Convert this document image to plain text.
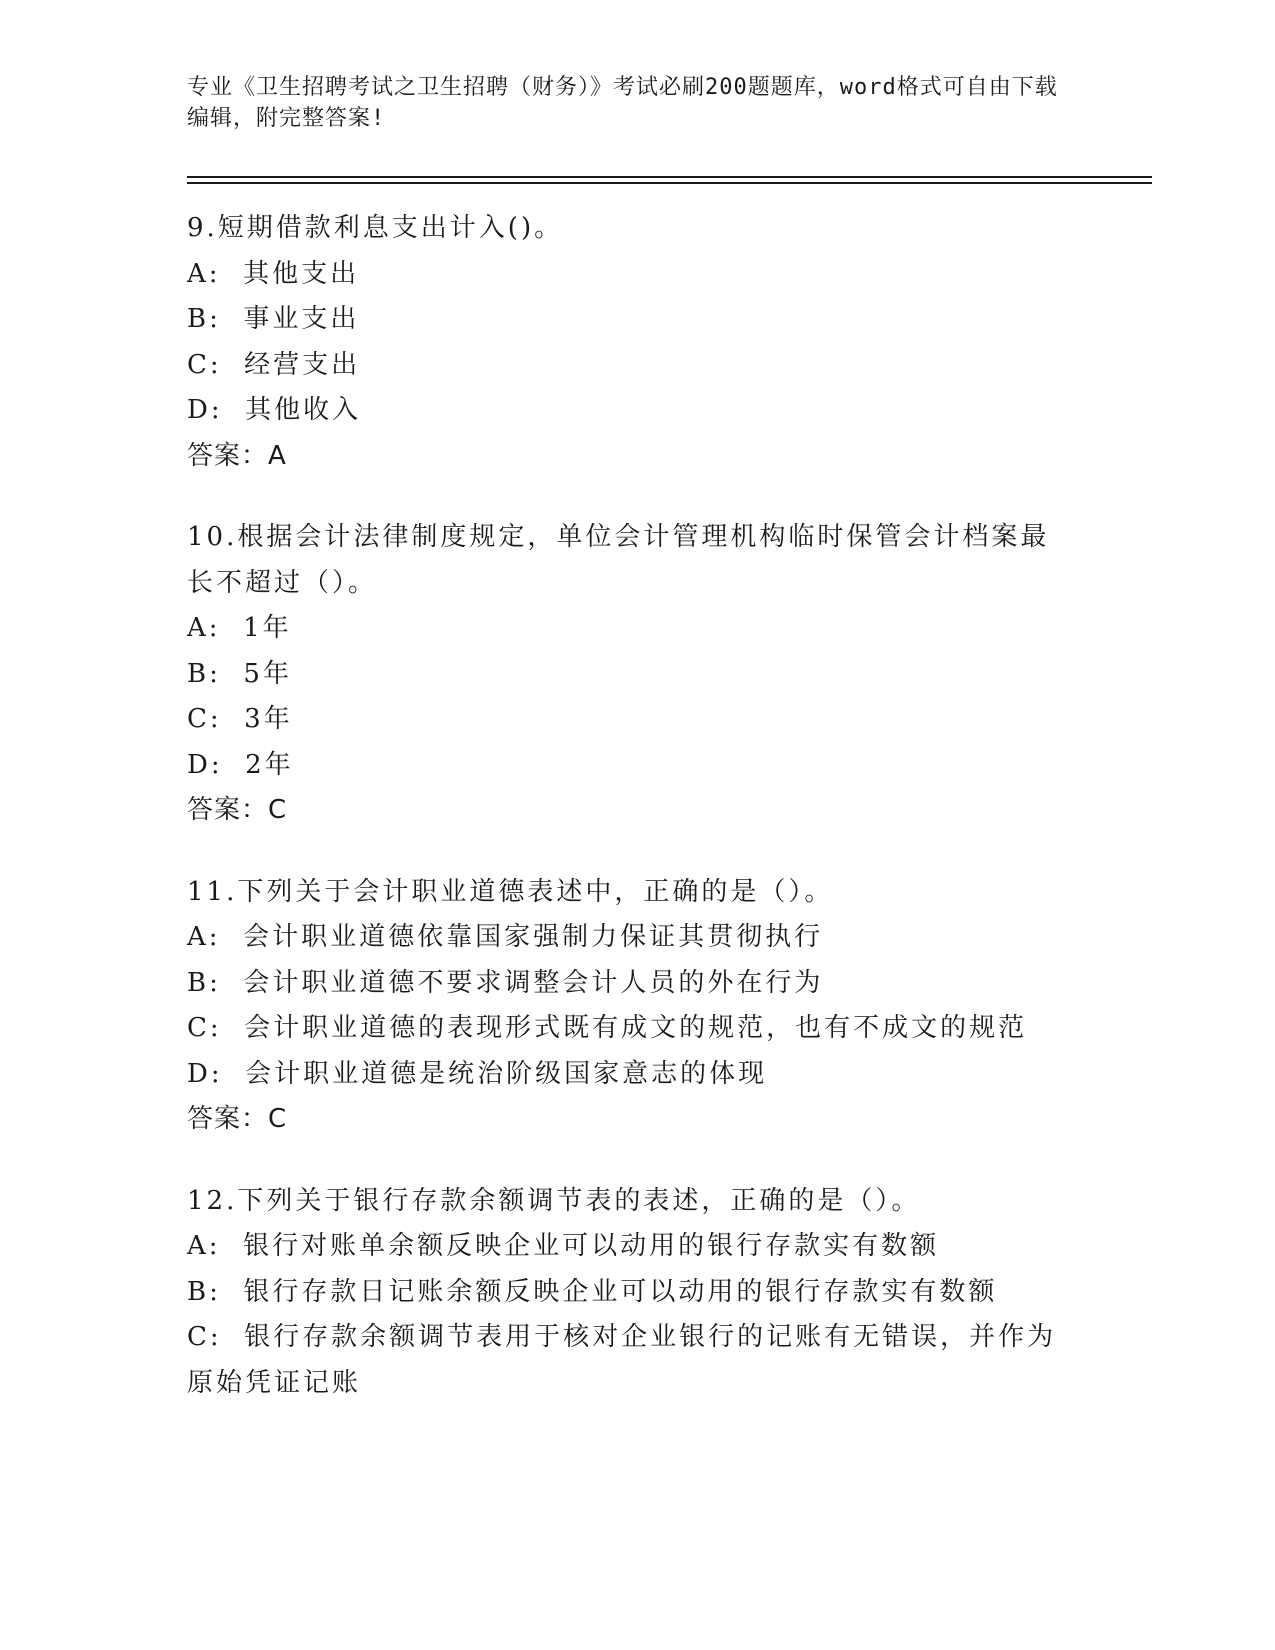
专业《卫生招聘考试之卫生招聘（财务）》考试必刷200题题库，word格式可自由下载编辑，附完整答案!
9.短期借款利息支出计入()。
A:  其他支出
B:  事业支出
C:  经营支出
D:  其他收入
答案：A
10.根据会计法律制度规定，单位会计管理机构临时保管会计档案最长不超过（）。
A:  1年
B:  5年
C:  3年
D:  2年
答案：C
11.下列关于会计职业道德表述中，正确的是（）。
A:  会计职业道德依靠国家强制力保证其贯彻执行
B:  会计职业道德不要求调整会计人员的外在行为
C:  会计职业道德的表现形式既有成文的规范，也有不成文的规范
D:  会计职业道德是统治阶级国家意志的体现
答案：C
12.下列关于银行存款余额调节表的表述，正确的是（）。
A:  银行对账单余额反映企业可以动用的银行存款实有数额
B:  银行存款日记账余额反映企业可以动用的银行存款实有数额
C:  银行存款余额调节表用于核对企业银行的记账有无错误，并作为原始凭证记账
